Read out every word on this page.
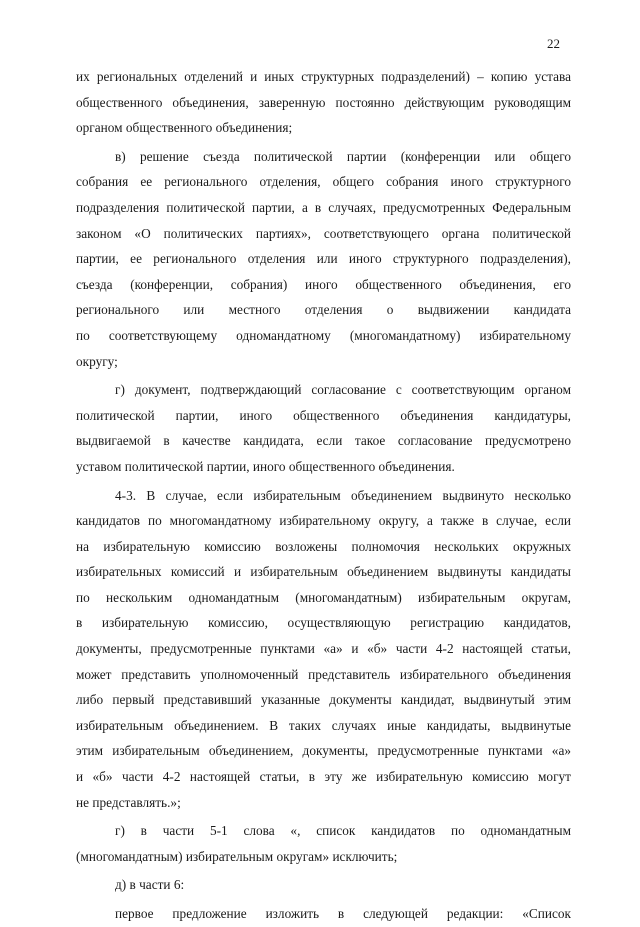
22
их региональных отделений и иных структурных подразделений) – копию устава
общественного объединения, заверенную постоянно действующим руководящим
органом общественного объединения;
в) решение съезда политической партии (конференции или общего
собрания ее регионального отделения, общего собрания иного структурного
подразделения политической партии, а в случаях, предусмотренных Федеральным
законом «О политических партиях», соответствующего органа политической
партии, ее регионального отделения или иного структурного подразделения),
съезда (конференции, собрания) иного общественного объединения, его
регионального или местного отделения о выдвижении кандидата
по соответствующему одномандатному (многомандатному) избирательному
округу;
г) документ, подтверждающий согласование с соответствующим органом
политической партии, иного общественного объединения кандидатуры,
выдвигаемой в качестве кандидата, если такое согласование предусмотрено
уставом политической партии, иного общественного объединения.
4-3. В случае, если избирательным объединением выдвинуто несколько
кандидатов по многомандатному избирательному округу, а также в случае, если
на избирательную комиссию возложены полномочия нескольких окружных
избирательных комиссий и избирательным объединением выдвинуты кандидаты
по нескольким одномандатным (многомандатным) избирательным округам,
в избирательную комиссию, осуществляющую регистрацию кандидатов,
документы, предусмотренные пунктами «а» и «б» части 4-2 настоящей статьи,
может представить уполномоченный представитель избирательного объединения
либо первый представивший указанные документы кандидат, выдвинутый этим
избирательным объединением. В таких случаях иные кандидаты, выдвинутые
этим избирательным объединением, документы, предусмотренные пунктами «а»
и «б» части 4-2 настоящей статьи, в эту же избирательную комиссию могут
не представлять.»;
г) в части 5-1 слова «, список кандидатов по одномандатным
(многомандатным) избирательным округам» исключить;
д) в части 6:
первое предложение изложить в следующей редакции: «Список
